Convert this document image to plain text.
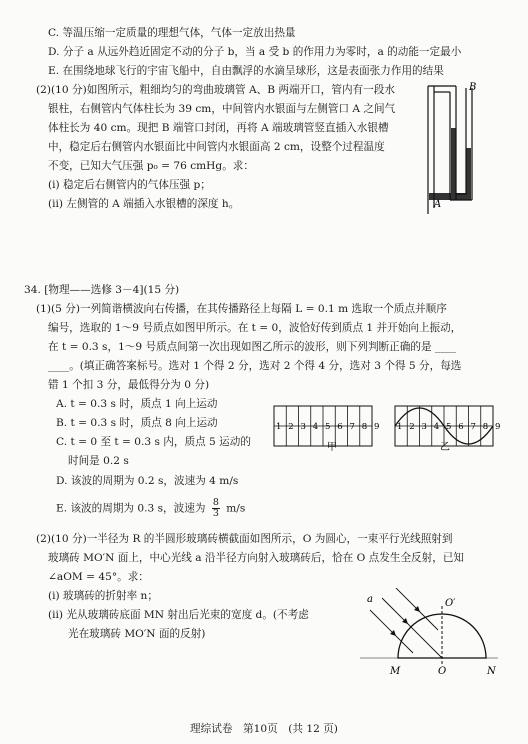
C. 等温压缩一定质量的理想气体，气体一定放出热量
D. 分子 a 从远外趋近固定不动的分子 b，当 a 受 b 的作用力为零时，a 的动能一定最小
E. 在围绕地球飞行的宇宙飞船中，自由飘浮的水滴呈球形，这是表面张力作用的结果
(2)(10 分)如图所示，粗细均匀的弯曲玻璃管 A、B 两端开口，管内有一段水
银柱，右侧管内气体柱长为 39 cm，中间管内水银面与左侧管口 A 之间气
体柱长为 40 cm。现把 B 端管口封闭，再将 A 端玻璃管竖直插入水银槽
中，稳定后右侧管内水银面比中间管内水银面高 2 cm，设整个过程温度
不变，已知大气压强 p₀ = 76 cmHg。求：
(ⅰ) 稳定后右侧管内的气体压强 p；
(ⅱ) 左侧管的 A 端插入水银槽的深度 h。
B
A
34. [物理——选修 3－4](15 分)
(1)(5 分)一列简谐横波向右传播，在其传播路径上每隔 L = 0.1 m 选取一个质点并顺序
编号，选取的 1～9 号质点如图甲所示。在 t = 0，波恰好传到质点 1 并开始向上振动，
在 t = 0.3 s，1～9 号质点间第一次出现如图乙所示的波形，则下列判断正确的是 ____
____。(填正确答案标号。选对 1 个得 2 分，选对 2 个得 4 分，选对 3 个得 5 分，每选
错 1 个扣 3 分，最低得分为 0 分)
A. t = 0.3 s 时，质点 1 向上运动
B. t = 0.3 s 时，质点 8 向上运动
C. t = 0 至 t = 0.3 s 内，质点 5 运动的
时间是 0.2 s
D. 该波的周期为 0.2 s，波速为 4 m/s
E. 该波的周期为 0.3 s，波速为 $\frac{8}{3} m/s$
1 2 3 4 5 6 7 8 9 1 2 3 4 5 6 7 8 9
甲	乙
(2)(10 分)一半径为 R 的半圆形玻璃砖横截面如图所示，O 为圆心，一束平行光线照射到
玻璃砖 MO′N 面上，中心光线 a 沿半径方向射入玻璃砖后，恰在 O 点发生全反射，已知
∠aOM = 45°。求：
(ⅰ) 玻璃砖的折射率 n；
(ⅱ) 光从玻璃砖底面 MN 射出后光束的宽度 d。(不考虑
光在玻璃砖 MO′N 面的反射)
a	O′
M	O	N
理综试卷　第10页　(共 12 页)
